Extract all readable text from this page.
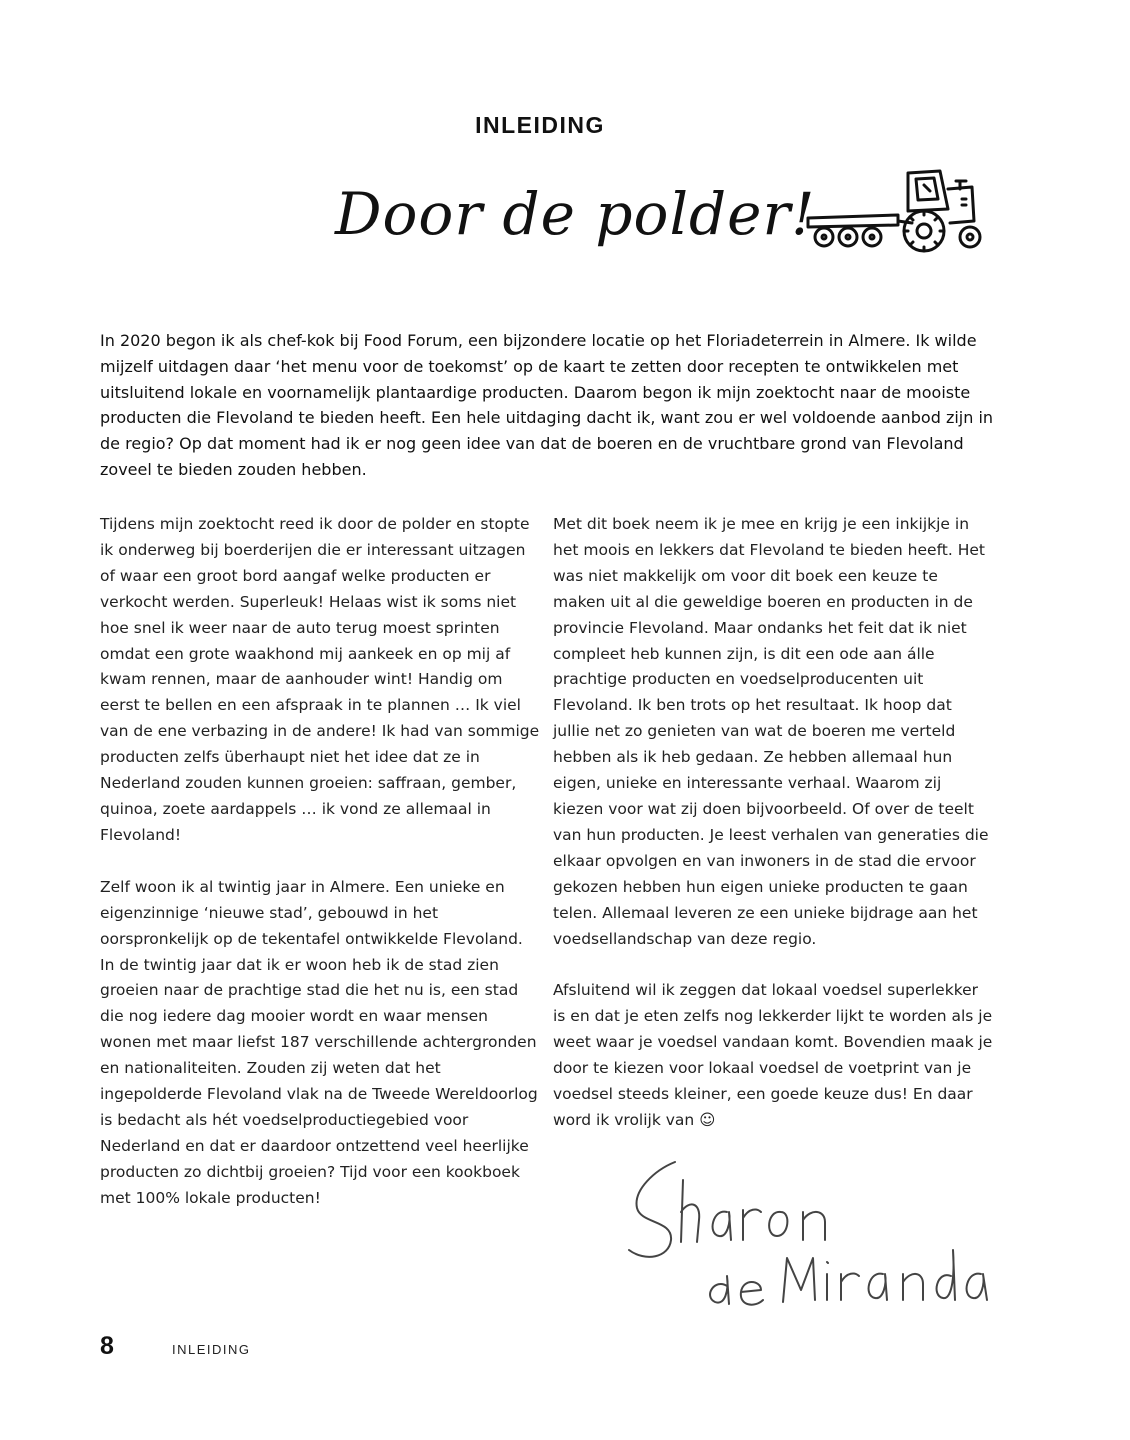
INLEIDING
Door de polder!

In 2020 begon ik als chef-kok bij Food Forum, een bijzondere locatie op het Floriadeterrein in Almere. Ik wilde mijzelf uitdagen daar ‘het menu voor de toekomst’ op de kaart te zetten door recepten te ontwikkelen met uitsluitend lokale en voornamelijk plantaardige producten. Daarom begon ik mijn zoektocht naar de mooiste producten die Flevoland te bieden heeft. Een hele uitdaging dacht ik, want zou er wel voldoende aanbod zijn in de regio? Op dat moment had ik er nog geen idee van dat de boeren en de vruchtbare grond van Flevoland zoveel te bieden zouden hebben.

Tijdens mijn zoektocht reed ik door de polder en stopte ik onderweg bij boerderijen die er interessant uitzagen of waar een groot bord aangaf welke producten er verkocht werden. Superleuk! Helaas wist ik soms niet hoe snel ik weer naar de auto terug moest sprinten omdat een grote waakhond mij aankeek en op mij af kwam rennen, maar de aanhouder wint! Handig om eerst te bellen en een afspraak in te plannen … Ik viel van de ene verbazing in de andere! Ik had van sommige producten zelfs überhaupt niet het idee dat ze in Nederland zouden kunnen groeien: saffraan, gember, quinoa, zoete aardappels … ik vond ze allemaal in Flevoland!

Zelf woon ik al twintig jaar in Almere. Een unieke en eigenzinnige ‘nieuwe stad’, gebouwd in het oorspronkelijk op de tekentafel ontwikkelde Flevoland. In de twintig jaar dat ik er woon heb ik de stad zien groeien naar de prachtige stad die het nu is, een stad die nog iedere dag mooier wordt en waar mensen wonen met maar liefst 187 verschillende achtergronden en nationaliteiten. Zouden zij weten dat het ingepolderde Flevoland vlak na de Tweede Wereldoorlog is bedacht als hét voedselproductiegebied voor Nederland en dat er daardoor ontzettend veel heerlijke producten zo dichtbij groeien? Tijd voor een kookboek met 100% lokale producten!

Met dit boek neem ik je mee en krijg je een inkijkje in het moois en lekkers dat Flevoland te bieden heeft. Het was niet makkelijk om voor dit boek een keuze te maken uit al die geweldige boeren en producten in de provincie Flevoland. Maar ondanks het feit dat ik niet compleet heb kunnen zijn, is dit een ode aan álle prachtige producten en voedselproducenten uit Flevoland. Ik ben trots op het resultaat. Ik hoop dat jullie net zo genieten van wat de boeren me verteld hebben als ik heb gedaan. Ze hebben allemaal hun eigen, unieke en interessante verhaal. Waarom zij kiezen voor wat zij doen bijvoorbeeld. Of over de teelt van hun producten. Je leest verhalen van generaties die elkaar opvolgen en van inwoners in de stad die ervoor gekozen hebben hun eigen unieke producten te gaan telen. Allemaal leveren ze een unieke bijdrage aan het voedsellandschap van deze regio.

Afsluitend wil ik zeggen dat lokaal voedsel superlekker is en dat je eten zelfs nog lekkerder lijkt te worden als je weet waar je voedsel vandaan komt. Bovendien maak je door te kiezen voor lokaal voedsel de voetprint van je voedsel steeds kleiner, een goede keuze dus! En daar word ik vrolijk van ☺

8	INLEIDING
